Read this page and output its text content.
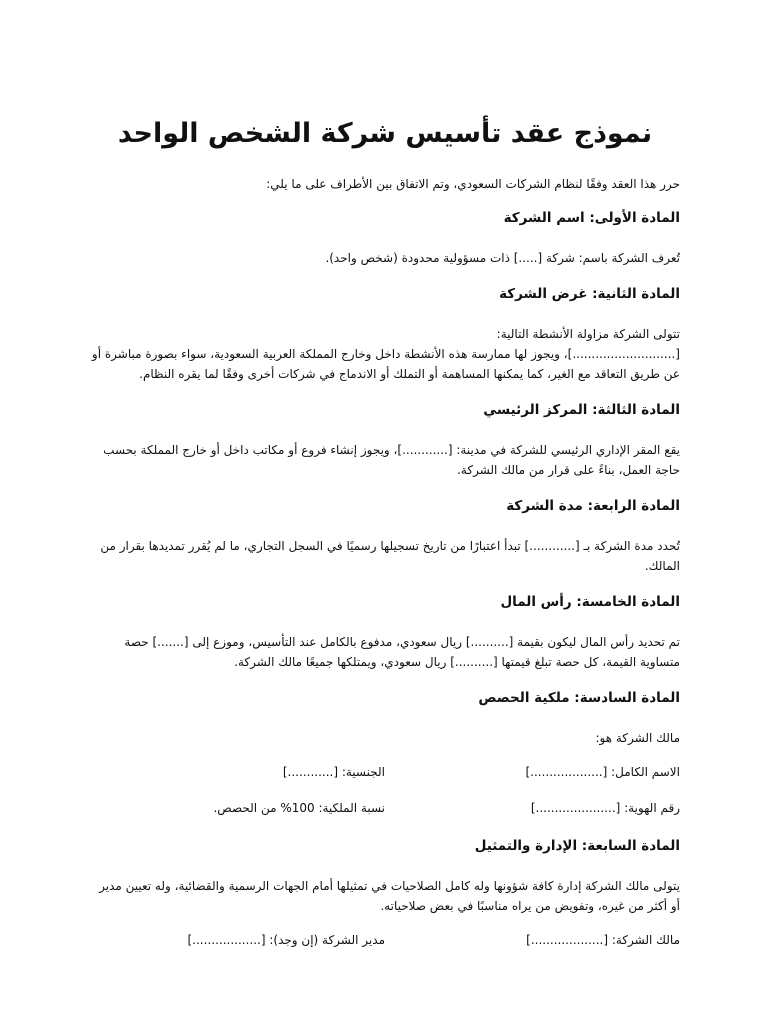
نموذج عقد تأسيس شركة الشخص الواحد

حرر هذا العقد وفقًا لنظام الشركات السعودي، وتم الاتفاق بين الأطراف على ما يلي:

المادة الأولى: اسم الشركة

تُعرف الشركة باسم: شركة [.....] ذات مسؤولية محدودة (شخص واحد).

المادة الثانية: غرض الشركة

تتولى الشركة مزاولة الأنشطة التالية:

[...........................]، ويجوز لها ممارسة هذه الأنشطة داخل وخارج المملكة العربية السعودية، سواء بصورة مباشرة أو عن طريق التعاقد مع الغير، كما يمكنها المساهمة أو التملك أو الاندماج في شركات أخرى وفقًا لما يقره النظام.

المادة الثالثة: المركز الرئيسي

يقع المقر الإداري الرئيسي للشركة في مدينة: [............]، ويجوز إنشاء فروع أو مكاتب داخل أو خارج المملكة بحسب حاجة العمل، بناءً على قرار من مالك الشركة.

المادة الرابعة: مدة الشركة

تُحدد مدة الشركة بـ [............] تبدأ اعتبارًا من تاريخ تسجيلها رسميًا في السجل التجاري، ما لم يُقرر تمديدها بقرار من المالك.

المادة الخامسة: رأس المال

تم تحديد رأس المال ليكون بقيمة [..........] ريال سعودي، مدفوع بالكامل عند التأسيس، وموزع إلى [.......] حصة متساوية القيمة، كل حصة تبلغ قيمتها [..........] ريال سعودي، ويمتلكها جميعًا مالك الشركة.

المادة السادسة: ملكية الحصص

مالك الشركة هو:

الاسم الكامل: [...................]
الجنسية: [............]
رقم الهوية: [.....................]
نسبة الملكية: 100% من الحصص.
المادة السابعة: الإدارة والتمثيل

يتولى مالك الشركة إدارة كافة شؤونها وله كامل الصلاحيات في تمثيلها أمام الجهات الرسمية والقضائية، وله تعيين مدير أو أكثر من غيره، وتفويض من يراه مناسبًا في بعض صلاحياته.

مالك الشركة: [...................]
مدير الشركة (إن وجد): [..................]
